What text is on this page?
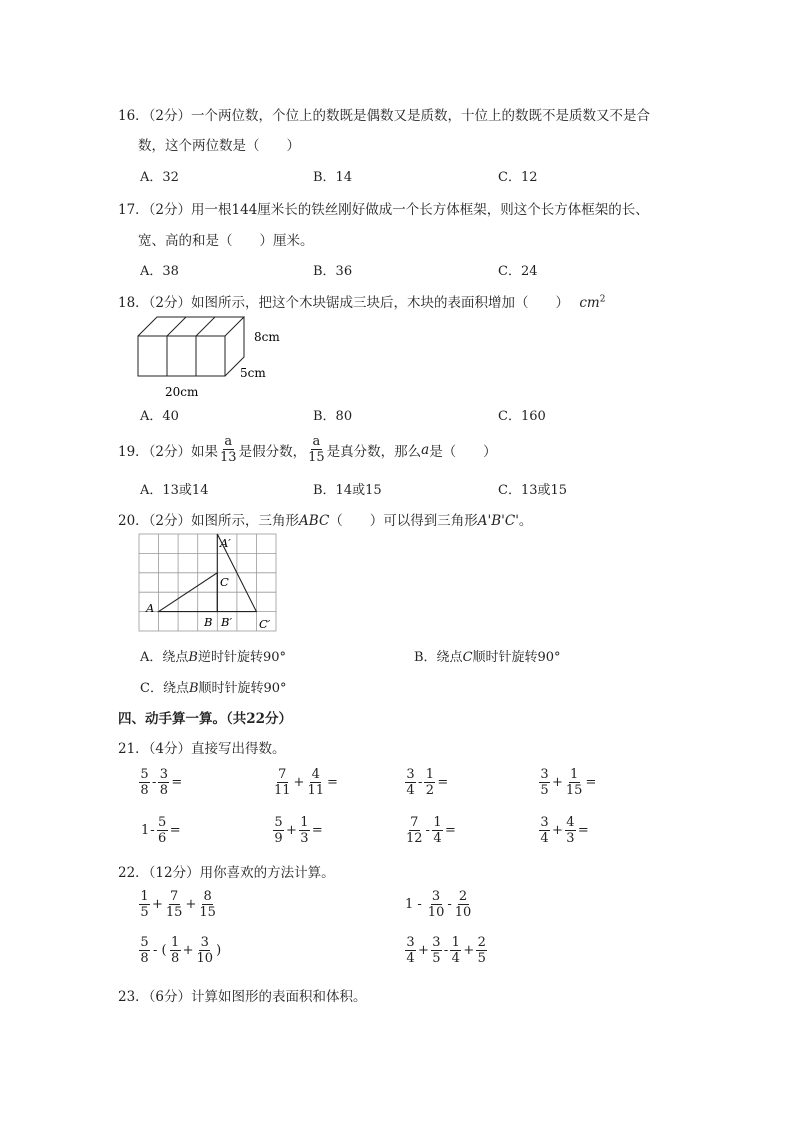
16．（2分）一个两位数，个位上的数既是偶数又是质数，十位上的数既不是质数又不是合
数，这个两位数是（　　）
A．32	B．14	C．12
17．（2分）用一根144厘米长的铁丝刚好做成一个长方体框架，则这个长方体框架的长、
宽、高的和是（　　）厘米。
A．38	B．36	C．24
18．（2分）如图所示，把这个木块锯成三块后，木块的表面积增加（　　） $cm^2$
8cm
5cm
20cm
A．40	B．80	C．160
19．（2分）如果 $\frac{a}{13}$ 是假分数， $\frac{a}{15}$ 是真分数，那么 a 是（　　）
A．13或14	B．14或15	C．13或15
20．（2分）如图所示，三角形ABC（　　）可以得到三角形A'B'C'。
A′
C
A
B B′ C′
A．绕点B逆时针旋转90°	B．绕点C顺时针旋转90°
C．绕点B顺时针旋转90°
四、动手算一算。（共22分）
21．（4分）直接写出得数。
$\frac{5}{8} - \frac{3}{8}$ =	$\frac{7}{11} + \frac{4}{11}$ =	$\frac{3}{4} - \frac{1}{2}$ =	$\frac{3}{5} + \frac{1}{15}$ =
$1 - \frac{5}{6}$ =	$\frac{5}{9} + \frac{1}{3}$ =	$\frac{7}{12} - \frac{1}{4}$ =	$\frac{3}{4} + \frac{4}{3}$ =
22．（12分）用你喜欢的方法计算。
$\frac{1}{5} + \frac{7}{15} + \frac{8}{15}$	$1 - \frac{3}{10} - \frac{2}{10}$
$\frac{5}{8}$ - ( $\frac{1}{8} + \frac{3}{10}$ )	$\frac{3}{4} + \frac{3}{5} - \frac{1}{4} + \frac{2}{5}$
23．（6分）计算如图形的表面积和体积。
